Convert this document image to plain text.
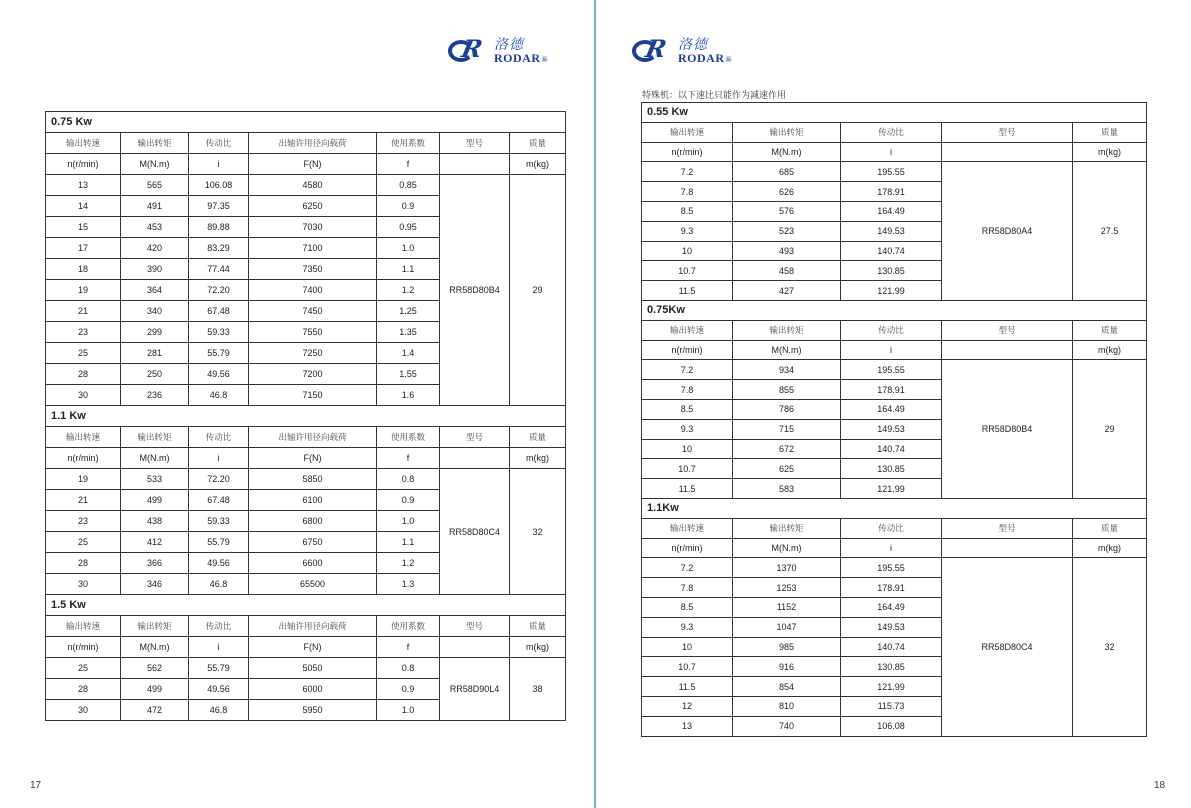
R 洛德
RODAR®
0.75 Kw						
输出转速	输出转矩	传动比	出轴许用径向载荷	使用系数	型号	质量
n(r/min)	M(N.m)	i	F(N)	f		m(kg)
13	565	106.08	4580	0.85	RR58D80B4	29
14	491	97.35	6250	0.9		
15	453	89.88	7030	0.95		
17	420	83.29	7100	1.0		
18	390	77.44	7350	1.1		
19	364	72.20	7400	1.2		
21	340	67.48	7450	1.25		
23	299	59.33	7550	1.35		
25	281	55.79	7250	1.4		
28	250	49.56	7200	1.55		
30	236	46.8	7150	1.6		
1.1 Kw						
输出转速	输出转矩	传动比	出轴许用径向载荷	使用系数	型号	质量
n(r/min)	M(N.m)	i	F(N)	f		m(kg)
19	533	72.20	5850	0.8	RR58D80C4	32
21	499	67.48	6100	0.9		
23	438	59.33	6800	1.0		
25	412	55.79	6750	1.1		
28	366	49.56	6600	1.2		
30	346	46.8	65500	1.3		
1.5 Kw						
输出转速	输出转矩	传动比	出轴许用径向载荷	使用系数	型号	质量
n(r/min)	M(N.m)	i	F(N)	f		m(kg)
25	562	55.79	5050	0.8	RR58D90L4	38
28	499	49.56	6000	0.9		
30	472	46.8	5950	1.0		
17
R 洛德
RODAR®
特殊机：以下速比只能作为减速作用
0.55 Kw				
输出转速	输出转矩	传动比	型号	质量
n(r/min)	M(N.m)	i		m(kg)
7.2	685	195.55	RR58D80A4	27.5
7.8	626	178.91		
8.5	576	164.49		
9.3	523	149.53		
10	493	140.74		
10.7	458	130.85		
11.5	427	121.99		
0.75Kw				
输出转速	输出转矩	传动比	型号	质量
n(r/min)	M(N.m)	i		m(kg)
7.2	934	195.55	RR58D80B4	29
7.8	855	178.91		
8.5	786	164.49		
9.3	715	149.53		
10	672	140.74		
10.7	625	130.85		
11.5	583	121.99		
1.1Kw				
输出转速	输出转矩	传动比	型号	质量
n(r/min)	M(N.m)	i		m(kg)
7.2	1370	195.55	RR58D80C4	32
7.8	1253	178.91		
8.5	1152	164.49		
9.3	1047	149.53		
10	985	140.74		
10.7	916	130.85		
11.5	854	121.99		
12	810	115.73		
13	740	106.08		
18
